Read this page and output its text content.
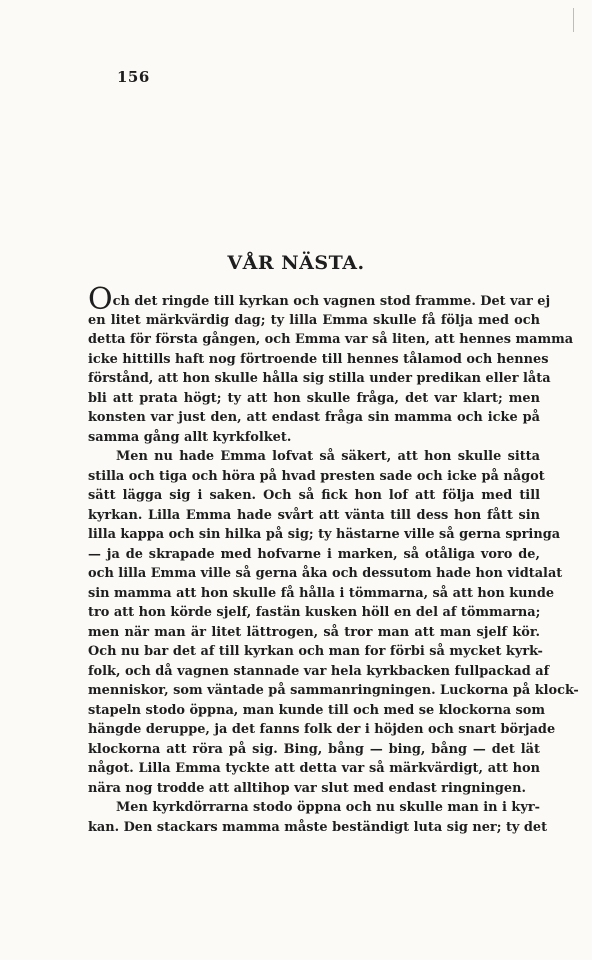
156
VÅR NÄSTA.
Och det ringde till kyrkan och vagnen stod framme. Det var ej
en litet märkvärdig dag; ty lilla Emma skulle få följa med och
detta för första gången, och Emma var så liten, att hennes mamma
icke hittills haft nog förtroende till hennes tålamod och hennes
förstånd, att hon skulle hålla sig stilla under predikan eller låta
bli att prata högt; ty att hon skulle fråga, det var klart; men
konsten var just den, att endast fråga sin mamma och icke på
samma gång allt kyrkfolket.
Men nu hade Emma lofvat så säkert, att hon skulle sitta
stilla och tiga och höra på hvad presten sade och icke på något
sätt lägga sig i saken. Och så fick hon lof att följa med till
kyrkan. Lilla Emma hade svårt att vänta till dess hon fått sin
lilla kappa och sin hilka på sig; ty hästarne ville så gerna springa
— ja de skrapade med hofvarne i marken, så otåliga voro de,
och lilla Emma ville så gerna åka och dessutom hade hon vidtalat
sin mamma att hon skulle få hålla i tömmarna, så att hon kunde
tro att hon körde sjelf, fastän kusken höll en del af tömmarna;
men när man är litet lättrogen, så tror man att man sjelf kör.
Och nu bar det af till kyrkan och man for förbi så mycket kyrk-
folk, och då vagnen stannade var hela kyrkbacken fullpackad af
menniskor, som väntade på sammanringningen. Luckorna på klock-
stapeln stodo öppna, man kunde till och med se klockorna som
hängde deruppe, ja det fanns folk der i höjden och snart började
klockorna att röra på sig. Bing, bång — bing, bång — det lät
något. Lilla Emma tyckte att detta var så märkvärdigt, att hon
nära nog trodde att alltihop var slut med endast ringningen.
Men kyrkdörrarna stodo öppna och nu skulle man in i kyr-
kan. Den stackars mamma måste beständigt luta sig ner; ty det
